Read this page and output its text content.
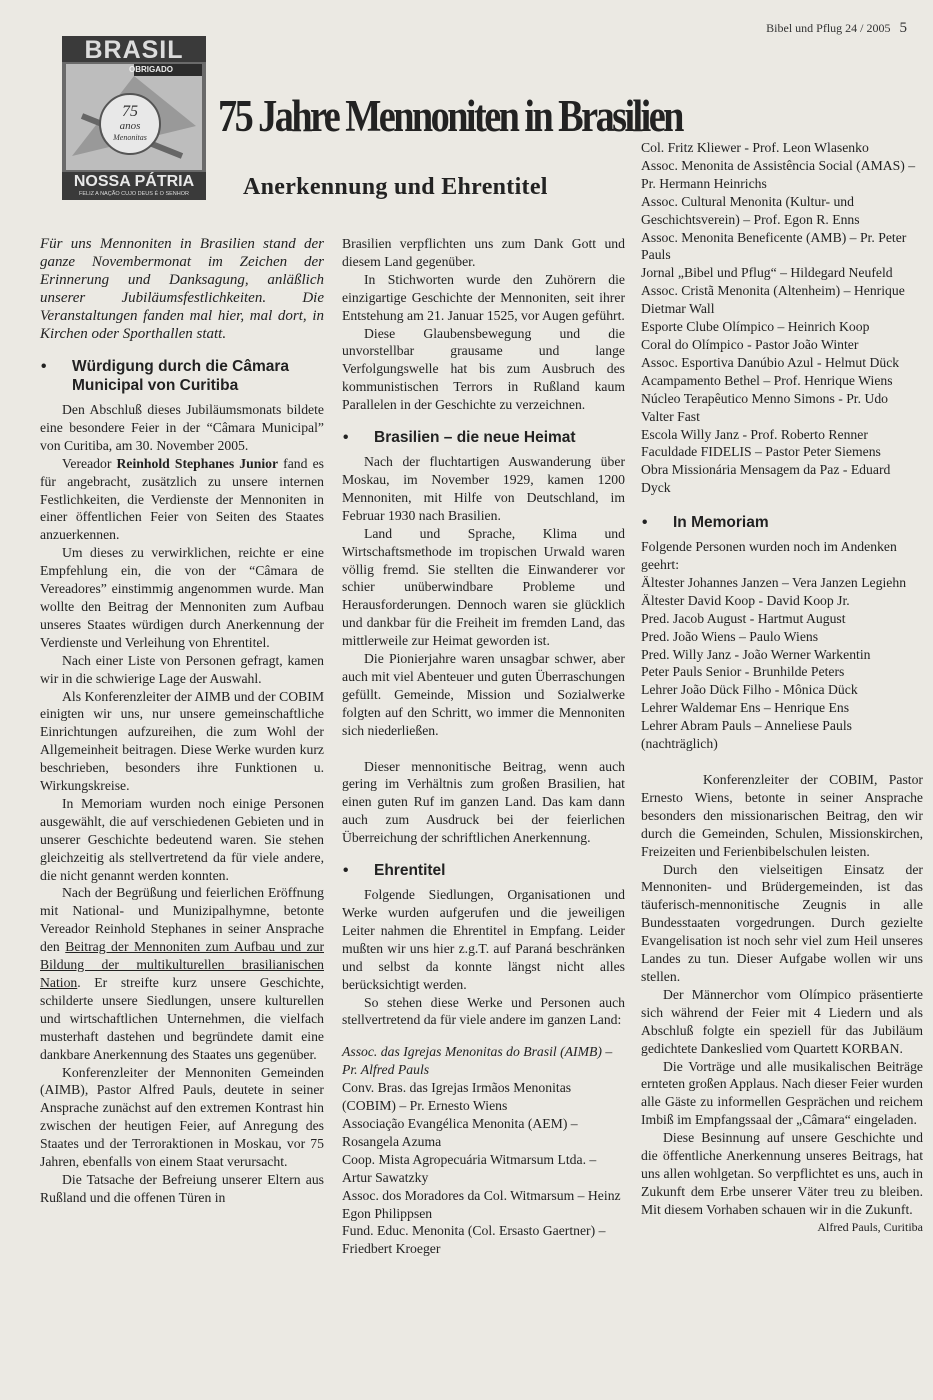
Bibel und Pflug 24 / 2005 5
BRASIL
OBRIGADO
75
anos
Menonitas
NOSSA PÁTRIA
FELIZ A NAÇÃO CUJO DEUS É O SENHOR
75 Jahre Mennoniten in Brasilien
Anerkennung und Ehrentitel

Für uns Mennoniten in Brasilien stand der ganze Novembermonat im Zeichen der Erinnerung und Danksagung, anläßlich unserer Jubiläumsfestlichkeiten. Die Veranstaltungen fanden mal hier, mal dort, in Kirchen oder Sporthallen statt.

• Würdigung durch die Câmara Municipal von Curitiba

Den Abschluß dieses Jubiläumsmonats bildete eine besondere Feier in der “Câmara Municipal” von Curitiba, am 30. November 2005.

Vereador Reinhold Stephanes Junior fand es für angebracht, zusätzlich zu unsere internen Festlichkeiten, die Verdienste der Mennoniten in einer öffentlichen Feier von Seiten des Staates anzuerkennen.

Um dieses zu verwirklichen, reichte er eine Empfehlung ein, die von der “Câmara de Vereadores” einstimmig angenommen wurde. Man wollte den Beitrag der Mennoniten zum Aufbau unseres Staates würdigen durch Anerkennung der Verdienste und Verleihung von Ehrentitel.

Nach einer Liste von Personen gefragt, kamen wir in die schwierige Lage der Auswahl.

Als Konferenzleiter der AIMB und der COBIM einigten wir uns, nur unsere gemeinschaftliche Einrichtungen aufzureihen, die zum Wohl der Allgemeinheit beitragen. Diese Werke wurden kurz beschrieben, besonders ihre Funktionen u. Wirkungskreise.

In Memoriam wurden noch einige Personen ausgewählt, die auf verschiedenen Gebieten und in unserer Geschichte bedeutend waren. Sie stehen gleichzeitig als stellvertretend da für viele andere, die nicht genannt werden konnten.

Nach der Begrüßung und feierlichen Eröffnung mit National- und Munizipalhymne, betonte Vereador Reinhold Stephanes in seiner Ansprache den Beitrag der Mennoniten zum Aufbau und zur Bildung der multikulturellen brasilianischen Nation. Er streifte kurz unsere Geschichte, schilderte unsere Siedlungen, unsere kulturellen und wirtschaftlichen Unternehmen, die vielfach musterhaft dastehen und begründete damit eine dankbare Anerkennung des Staates uns gegenüber.

Konferenzleiter der Mennoniten Gemeinden (AIMB), Pastor Alfred Pauls, deutete in seiner Ansprache zunächst auf den extremen Kontrast hin zwischen der heutigen Feier, auf Anregung des Staates und der Terroraktionen in Moskau, vor 75 Jahren, ebenfalls von einem Staat verursacht.

Die Tatsache der Befreiung unserer Eltern aus Rußland und die offenen Türen in

Brasilien verpflichten uns zum Dank Gott und diesem Land gegenüber.

In Stichworten wurde den Zuhörern die einzigartige Geschichte der Mennoniten, seit ihrer Entstehung am 21. Januar 1525, vor Augen geführt.

Diese Glaubensbewegung und die unvorstellbar grausame und lange Verfolgungswelle hat bis zum Ausbruch des kommunistischen Terrors in Rußland kaum Parallelen in der Geschichte zu verzeichnen.

• Brasilien – die neue Heimat

Nach der fluchtartigen Auswanderung über Moskau, im November 1929, kamen 1200 Mennoniten, mit Hilfe von Deutschland, im Februar 1930 nach Brasilien.

Land und Sprache, Klima und Wirtschaftsmethode im tropischen Urwald waren völlig fremd. Sie stellten die Einwanderer vor schier unüberwindbare Probleme und Herausforderungen. Dennoch waren sie glücklich und dankbar für die Freiheit im fremden Land, das mittlerweile zur Heimat geworden ist.

Die Pionierjahre waren unsagbar schwer, aber auch mit viel Abenteuer und guten Überraschungen gefüllt. Gemeinde, Mission und Sozialwerke folgten auf den Schritt, wo immer die Mennoniten sich niederließen.

Dieser mennonitische Beitrag, wenn auch gering im Verhältnis zum großen Brasilien, hat einen guten Ruf im ganzen Land. Das kam dann auch zum Ausdruck bei der feierlichen Überreichung der schriftlichen Anerkennung.

• Ehrentitel

Folgende Siedlungen, Organisationen und Werke wurden aufgerufen und die jeweiligen Leiter nahmen die Ehrentitel in Empfang. Leider mußten wir uns hier z.g.T. auf Paraná beschränken und selbst da konnte längst nicht alles berücksichtigt werden.

So stehen diese Werke und Personen auch stellvertretend da für viele andere im ganzen Land:

Assoc. das Igrejas Menonitas do Brasil (AIMB) – Pr. Alfred Pauls

Conv. Bras. das Igrejas Irmãos Menonitas (COBIM) – Pr. Ernesto Wiens

Associação Evangélica Menonita (AEM) – Rosangela Azuma

Coop. Mista Agropecuária Witmarsum Ltda. – Artur Sawatzky

Assoc. dos Moradores da Col. Witmarsum – Heinz Egon Philippsen

Fund. Educ. Menonita (Col. Ersasto Gaertner) – Friedbert Kroeger

Col. Fritz Kliewer - Prof. Leon Wlasenko

Assoc. Menonita de Assistência Social (AMAS) – Pr. Hermann Heinrichs

Assoc. Cultural Menonita (Kultur- und Geschichtsverein) – Prof. Egon R. Enns

Assoc. Menonita Beneficente (AMB) – Pr. Peter Pauls

Jornal „Bibel und Pflug“ – Hildegard Neufeld

Assoc. Cristã Menonita (Altenheim) – Henrique Dietmar Wall

Esporte Clube Olímpico – Heinrich Koop

Coral do Olímpico - Pastor João Winter

Assoc. Esportiva Danúbio Azul - Helmut Dück

Acampamento Bethel – Prof. Henrique Wiens

Núcleo Terapêutico Menno Simons - Pr. Udo Valter Fast

Escola Willy Janz - Prof. Roberto Renner

Faculdade FIDELIS – Pastor Peter Siemens

Obra Missionária Mensagem da Paz - Eduard Dyck

• In Memoriam

Folgende Personen wurden noch im Andenken geehrt:

Ältester Johannes Janzen – Vera Janzen Legiehn

Ältester David Koop - David Koop Jr.

Pred. Jacob August - Hartmut August

Pred. João Wiens – Paulo Wiens

Pred. Willy Janz - João Werner Warkentin

Peter Pauls Senior - Brunhilde Peters

Lehrer João Dück Filho - Mônica Dück

Lehrer Waldemar Ens – Henrique Ens

Lehrer Abram Pauls – Anneliese Pauls (nachträglich)

Konferenzleiter der COBIM, Pastor Ernesto Wiens, betonte in seiner Ansprache besonders den missionarischen Beitrag, den wir durch die Gemeinden, Schulen, Missionskirchen, Freizeiten und Ferienbibelschulen leisten.

Durch den vielseitigen Einsatz der Mennoniten- und Brüdergemeinden, ist das täuferisch-mennonitische Zeugnis in alle Bundesstaaten vorgedrungen. Durch gezielte Evangelisation ist noch sehr viel zum Heil unseres Landes zu tun. Dieser Aufgabe wollen wir uns stellen.

Der Männerchor vom Olímpico präsentierte sich während der Feier mit 4 Liedern und als Abschluß folgte ein speziell für das Jubiläum gedichtete Dankeslied vom Quartett KORBAN.

Die Vorträge und alle musikalischen Beiträge ernteten großen Applaus. Nach dieser Feier wurden alle Gäste zu informellen Gesprächen und reichem Imbiß im Empfangssaal der „Câmara“ eingeladen.

Diese Besinnung auf unsere Geschichte und die öffentliche Anerkennung unseres Beitrags, hat uns allen wohlgetan. So verpflichtet es uns, auch in Zukunft dem Erbe unserer Väter treu zu bleiben. Mit diesem Vorhaben schauen wir in die Zukunft.

Alfred Pauls, Curitiba
